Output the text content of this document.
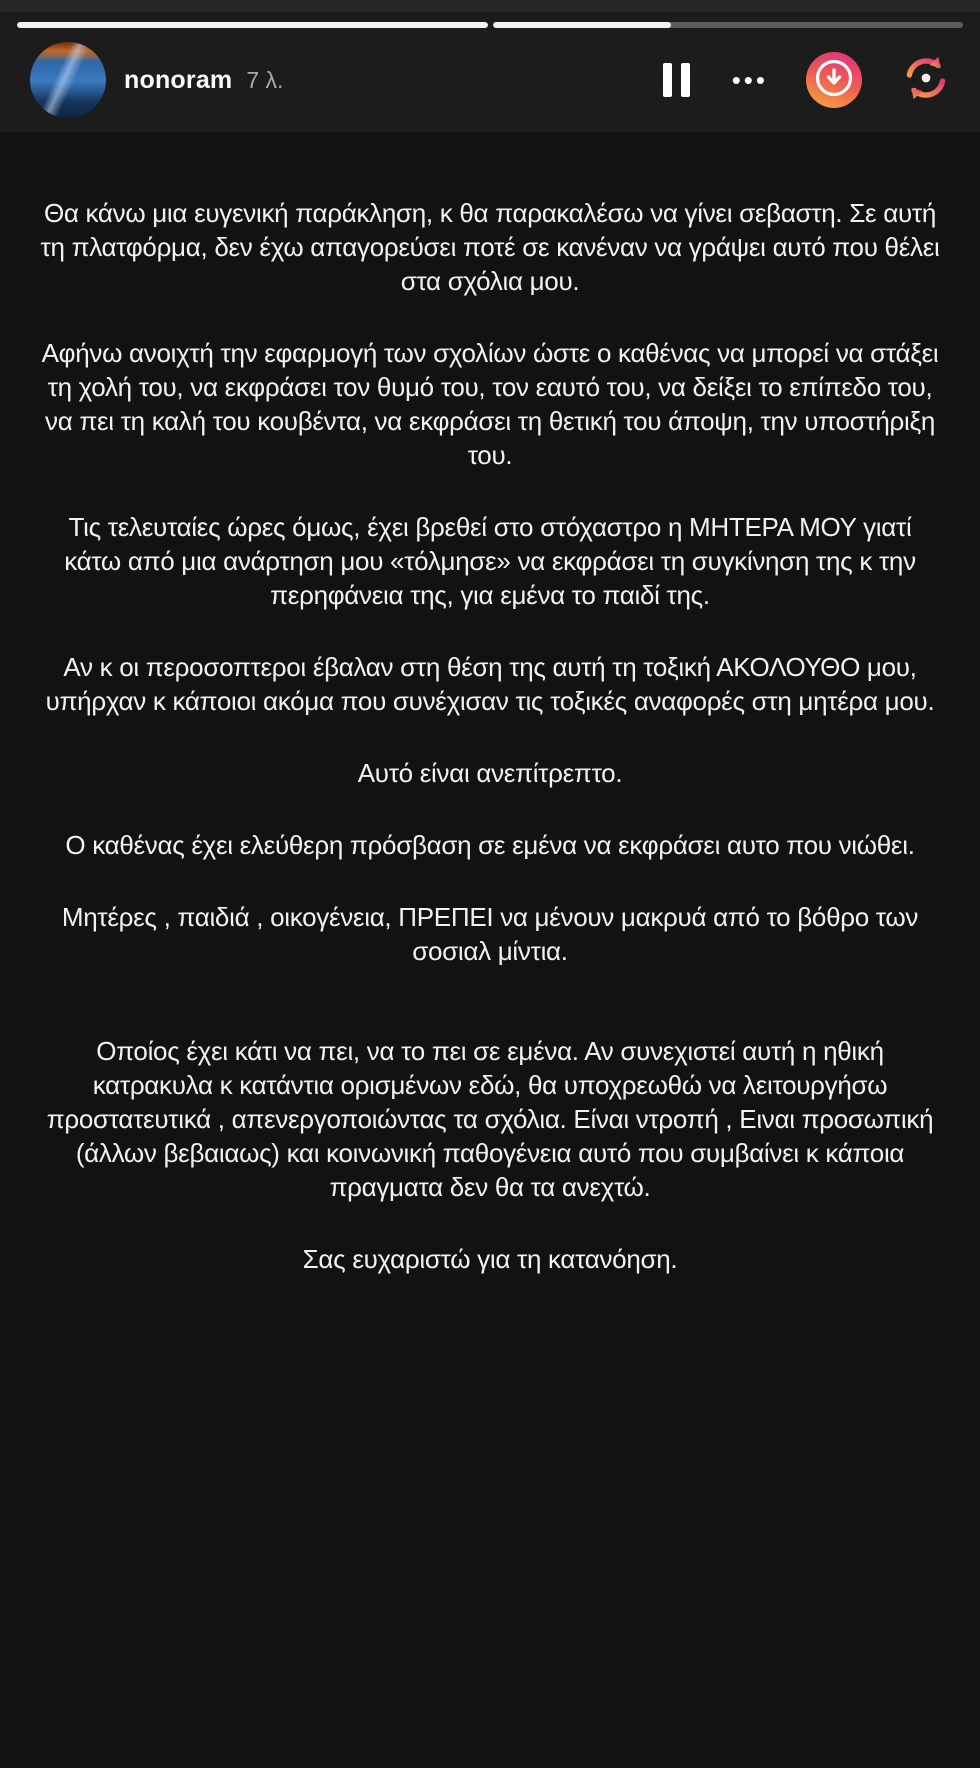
nonoram 7 λ.	•••

Θα κάνω μια ευγενική παράκληση, κ θα παρακαλέσω να γίνει σεβαστη. Σε αυτή τη πλατφόρμα, δεν έχω απαγορεύσει ποτέ σε κανέναν να γράψει αυτό που θέλει στα σχόλια μου.

Αφήνω ανοιχτή την εφαρμογή των σχολίων ώστε ο καθένας να μπορεί να στάξει τη χολή του, να εκφράσει τον θυμό του, τον εαυτό του, να δείξει το επίπεδο του, να πει τη καλή του κουβέντα, να εκφράσει τη θετική του άποψη, την υποστήριξη του.

Τις τελευταίες ώρες όμως, έχει βρεθεί στο στόχαστρο η ΜΗΤΕΡΑ ΜΟΥ γιατί κάτω από μια ανάρτηση μου «τόλμησε» να εκφράσει τη συγκίνηση της κ την περηφάνεια της, για εμένα το παιδί της.

Αν κ οι περοσοπτεροι έβαλαν στη θέση της αυτή τη τοξική ΑΚΟΛΟΥΘΟ μου, υπήρχαν κ κάποιοι ακόμα που συνέχισαν τις τοξικές αναφορές στη μητέρα μου.

Αυτό είναι ανεπίτρεπτο.

Ο καθένας έχει ελεύθερη πρόσβαση σε εμένα να εκφράσει αυτο που νιώθει.

Μητέρες , παιδιά , οικογένεια, ΠΡΕΠΕΙ να μένουν μακρυά από το βόθρο των σοσιαλ μίντια.

Οποίος έχει κάτι να πει, να το πει σε εμένα. Αν συνεχιστεί αυτή η ηθική κατρακυλα κ κατάντια ορισμένων εδώ, θα υποχρεωθώ να λειτουργήσω προστατευτικά , απενεργοποιώντας τα σχόλια. Είναι ντροπή , Ειναι προσωπική (άλλων βεβαιαως) και κοινωνική παθογένεια αυτό που συμβαίνει κ κάποια πραγματα δεν θα τα ανεχτώ.

Σας ευχαριστώ για τη κατανόηση.
